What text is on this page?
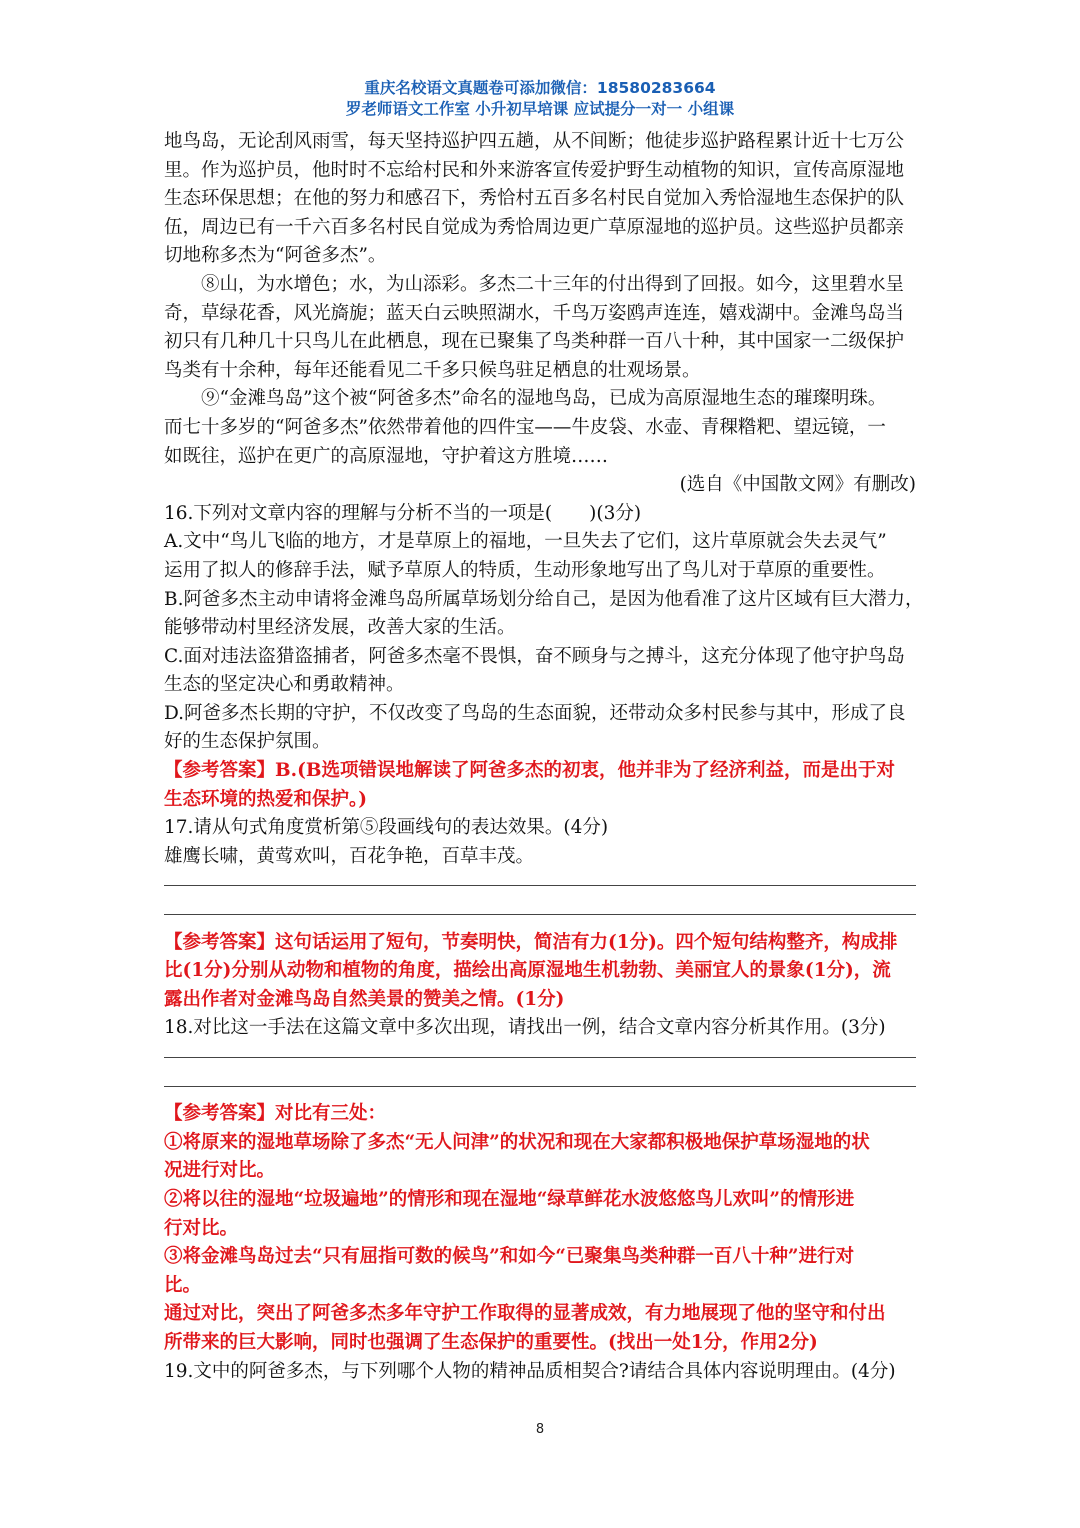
重庆名校语文真题卷可添加微信：18580283664
罗老师语文工作室 小升初早培课 应试提分一对一 小组课
地鸟岛，无论刮风雨雪，每天坚持巡护四五趟，从不间断；他徒步巡护路程累计近十七万公
里。作为巡护员，他时时不忘给村民和外来游客宣传爱护野生动植物的知识，宣传高原湿地
生态环保思想；在他的努力和感召下，秀恰村五百多名村民自觉加入秀恰湿地生态保护的队
伍，周边已有一千六百多名村民自觉成为秀恰周边更广草原湿地的巡护员。这些巡护员都亲
切地称多杰为“阿爸多杰”。
⑧山，为水增色；水，为山添彩。多杰二十三年的付出得到了回报。如今，这里碧水呈
奇，草绿花香，风光旖旎；蓝天白云映照湖水，千鸟万姿鸥声连连，嬉戏湖中。金滩鸟岛当
初只有几种几十只鸟儿在此栖息，现在已聚集了鸟类种群一百八十种，其中国家一二级保护
鸟类有十余种，每年还能看见二千多只候鸟驻足栖息的壮观场景。
⑨“金滩鸟岛”这个被“阿爸多杰”命名的湿地鸟岛，已成为高原湿地生态的璀璨明珠。
而七十多岁的“阿爸多杰”依然带着他的四件宝——牛皮袋、水壶、青稞糌粑、望远镜，一
如既往，巡护在更广的高原湿地，守护着这方胜境……
(选自《中国散文网》有删改)
16.下列对文章内容的理解与分析不当的一项是(　　)(3分)
A.文中“鸟儿飞临的地方，才是草原上的福地，一旦失去了它们，这片草原就会失去灵气”
运用了拟人的修辞手法，赋予草原人的特质，生动形象地写出了鸟儿对于草原的重要性。
B.阿爸多杰主动申请将金滩鸟岛所属草场划分给自己，是因为他看准了这片区域有巨大潜力，
能够带动村里经济发展，改善大家的生活。
C.面对违法盗猎盗捕者，阿爸多杰毫不畏惧，奋不顾身与之搏斗，这充分体现了他守护鸟岛
生态的坚定决心和勇敢精神。
D.阿爸多杰长期的守护，不仅改变了鸟岛的生态面貌，还带动众多村民参与其中，形成了良
好的生态保护氛围。
【参考答案】B.(B选项错误地解读了阿爸多杰的初衷，他并非为了经济利益，而是出于对
生态环境的热爱和保护。)
17.请从句式角度赏析第⑤段画线句的表达效果。(4分)
雄鹰长啸，黄莺欢叫，百花争艳，百草丰茂。
【参考答案】这句话运用了短句，节奏明快，简洁有力(1分)。四个短句结构整齐，构成排
比(1分)分别从动物和植物的角度，描绘出高原湿地生机勃勃、美丽宜人的景象(1分)，流
露出作者对金滩鸟岛自然美景的赞美之情。(1分)
18.对比这一手法在这篇文章中多次出现，请找出一例，结合文章内容分析其作用。(3分)
【参考答案】对比有三处：
①将原来的湿地草场除了多杰“无人问津”的状况和现在大家都积极地保护草场湿地的状
况进行对比。
②将以往的湿地“垃圾遍地”的情形和现在湿地“绿草鲜花水波悠悠鸟儿欢叫”的情形进
行对比。
③将金滩鸟岛过去“只有屈指可数的候鸟”和如今“已聚集鸟类种群一百八十种”进行对
比。
通过对比，突出了阿爸多杰多年守护工作取得的显著成效，有力地展现了他的坚守和付出
所带来的巨大影响，同时也强调了生态保护的重要性。(找出一处1分，作用2分)
19.文中的阿爸多杰，与下列哪个人物的精神品质相契合?请结合具体内容说明理由。(4分)
8
